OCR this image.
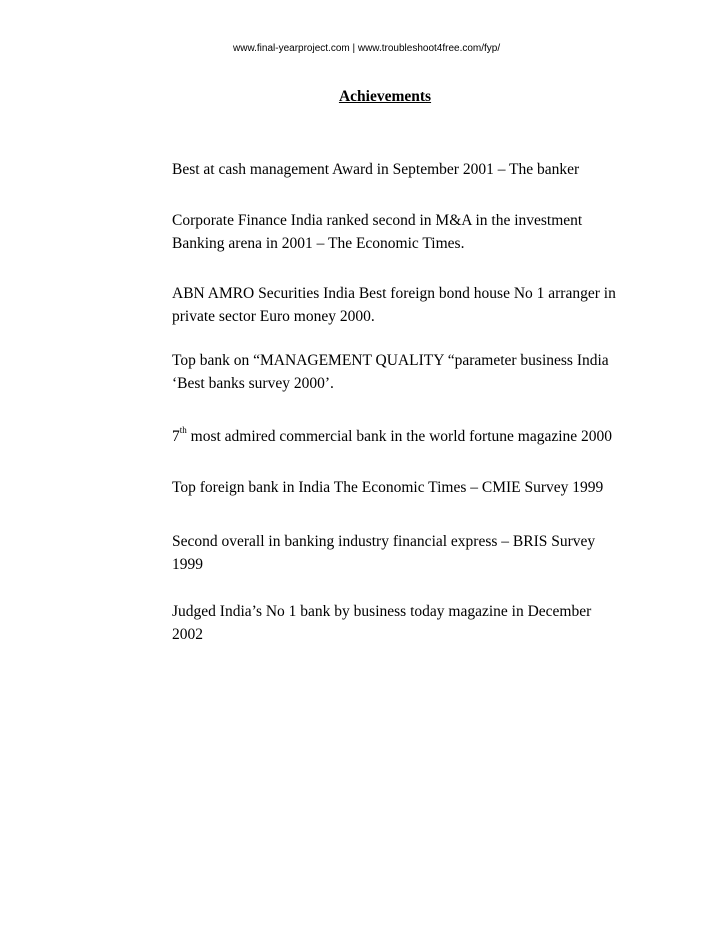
www.final-yearproject.com | www.troubleshoot4free.com/fyp/
Achievements
Best at cash management Award in September 2001 – The banker
Corporate Finance India ranked second in M&A in the investment
Banking arena in 2001 – The Economic Times.
ABN AMRO Securities India Best foreign bond house No 1 arranger in
private sector Euro money 2000.
Top bank on “MANAGEMENT QUALITY “parameter business India
‘Best banks survey 2000’.
7th most admired commercial bank in the world fortune magazine 2000
Top foreign bank in India The Economic Times – CMIE Survey 1999
Second overall in banking industry financial express – BRIS Survey
1999
Judged India’s No 1 bank by business today magazine in December
2002
